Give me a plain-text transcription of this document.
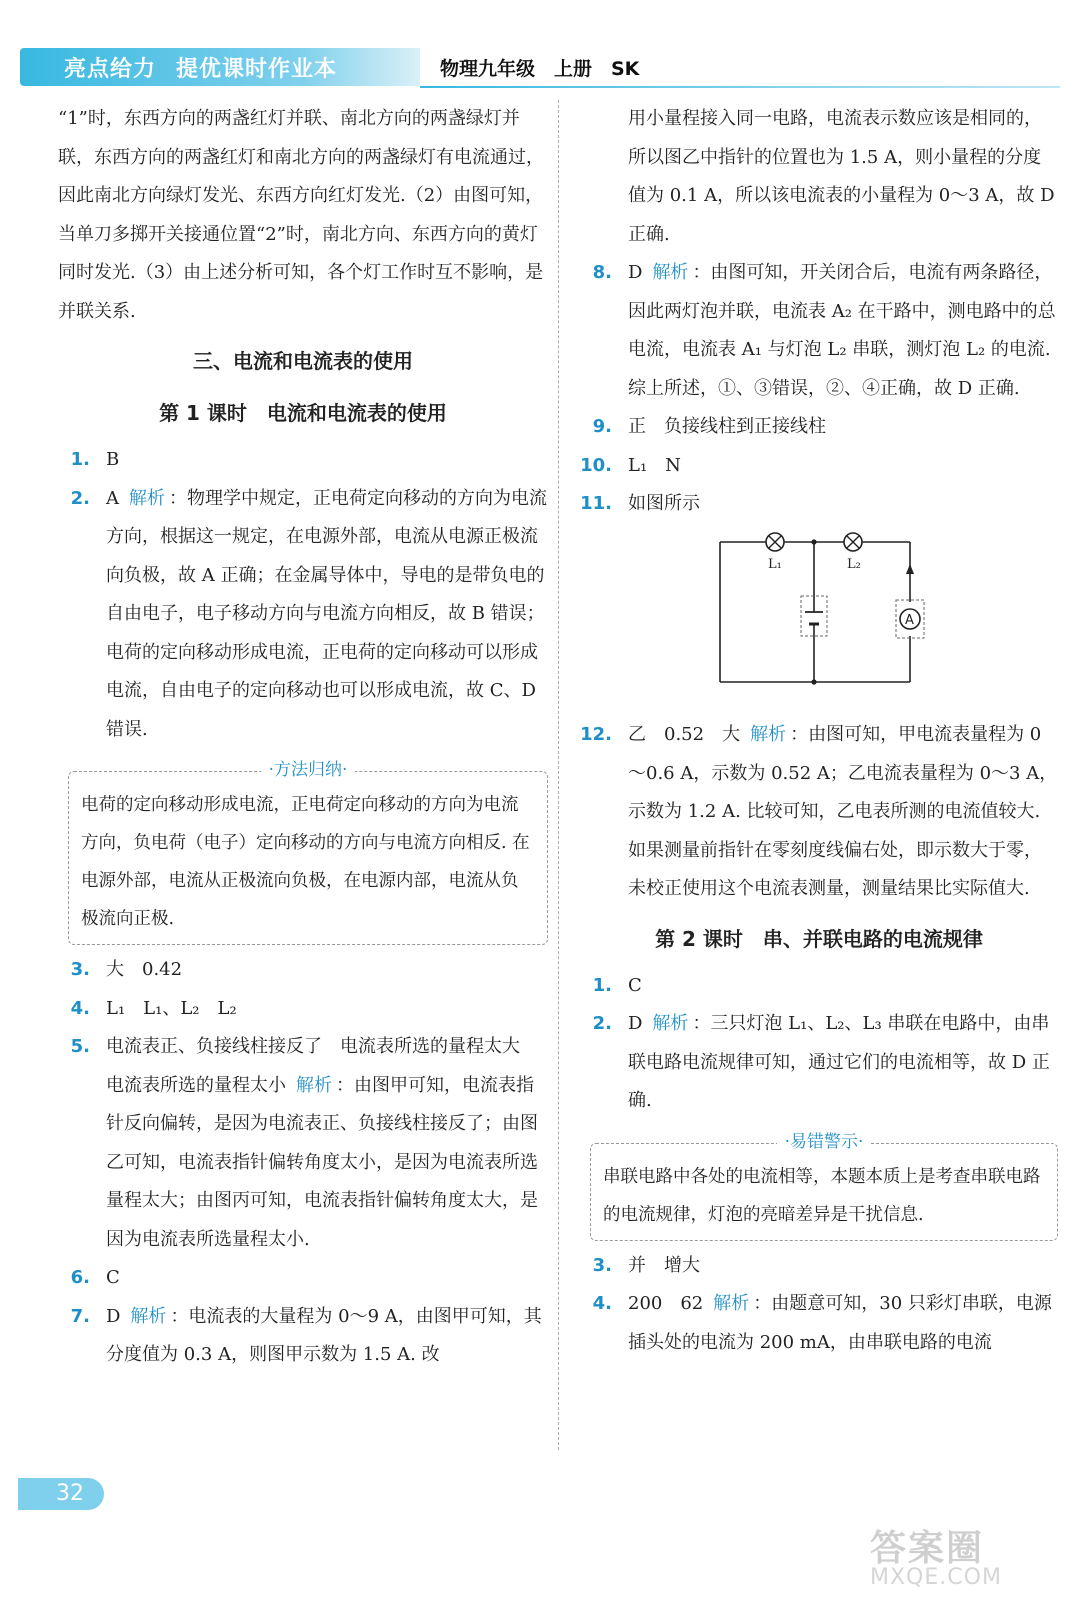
亮点给力 提优课时作业本	物理九年级　上册　SK
“1”时，东西方向的两盏红灯并联、南北方向的两盏绿灯并联，东西方向的两盏红灯和南北方向的两盏绿灯有电流通过，因此南北方向绿灯发光、东西方向红灯发光.（2）由图可知，当单刀多掷开关接通位置“2”时，南北方向、东西方向的黄灯同时发光.（3）由上述分析可知，各个灯工作时互不影响，是并联关系.
三、电流和电流表的使用
第 1 课时　电流和电流表的使用
1. B
2. A 解析 ：物理学中规定，正电荷定向移动的方向为电流方向，根据这一规定，在电源外部，电流从电源正极流向负极，故 A 正确；在金属导体中，导电的是带负电的自由电子，电子移动方向与电流方向相反，故 B 错误；电荷的定向移动形成电流，正电荷的定向移动可以形成电流，自由电子的定向移动也可以形成电流，故 C、D 错误.
·方法归纳·
电荷的定向移动形成电流，正电荷定向移动的方向为电流方向，负电荷（电子）定向移动的方向与电流方向相反. 在电源外部，电流从正极流向负极，在电源内部，电流从负极流向正极.
3. 大　0.42
4. L₁　L₁、L₂　L₂
5. 电流表正、负接线柱接反了　电流表所选的量程太大　电流表所选的量程太小 解析 ：由图甲可知，电流表指针反向偏转，是因为电流表正、负接线柱接反了；由图乙可知，电流表指针偏转角度太小，是因为电流表所选量程太大；由图丙可知，电流表指针偏转角度太大，是因为电流表所选量程太小.
6. C
7. D 解析 ：电流表的大量程为 0～9 A，由图甲可知，其分度值为 0.3 A，则图甲示数为 1.5 A. 改
用小量程接入同一电路，电流表示数应该是相同的，所以图乙中指针的位置也为 1.5 A，则小量程的分度值为 0.1 A，所以该电流表的小量程为 0～3 A，故 D 正确.
8. D 解析 ：由图可知，开关闭合后，电流有两条路径，因此两灯泡并联，电流表 A₂ 在干路中，测电路中的总电流，电流表 A₁ 与灯泡 L₂ 串联，测灯泡 L₂ 的电流. 综上所述，①、③错误，②、④正确，故 D 正确.
9. 正　负接线柱到正接线柱
10. L₁　N
11. 如图所示
L₁	L₂
A
12. 乙　0.52　大 解析 ：由图可知，甲电流表量程为 0～0.6 A，示数为 0.52 A；乙电流表量程为 0～3 A，示数为 1.2 A. 比较可知，乙电表所测的电流值较大. 如果测量前指针在零刻度线偏右处，即示数大于零，未校正使用这个电流表测量，测量结果比实际值大.
第 2 课时　串、并联电路的电流规律
1. C
2. D 解析 ：三只灯泡 L₁、L₂、L₃ 串联在电路中，由串联电路电流规律可知，通过它们的电流相等，故 D 正确.
·易错警示·
串联电路中各处的电流相等，本题本质上是考查串联电路的电流规律，灯泡的亮暗差异是干扰信息.
3. 并　增大
4. 200　62 解析 ：由题意可知，30 只彩灯串联，电源插头处的电流为 200 mA，由串联电路的电流
32
答案圈
MXQE.COM
